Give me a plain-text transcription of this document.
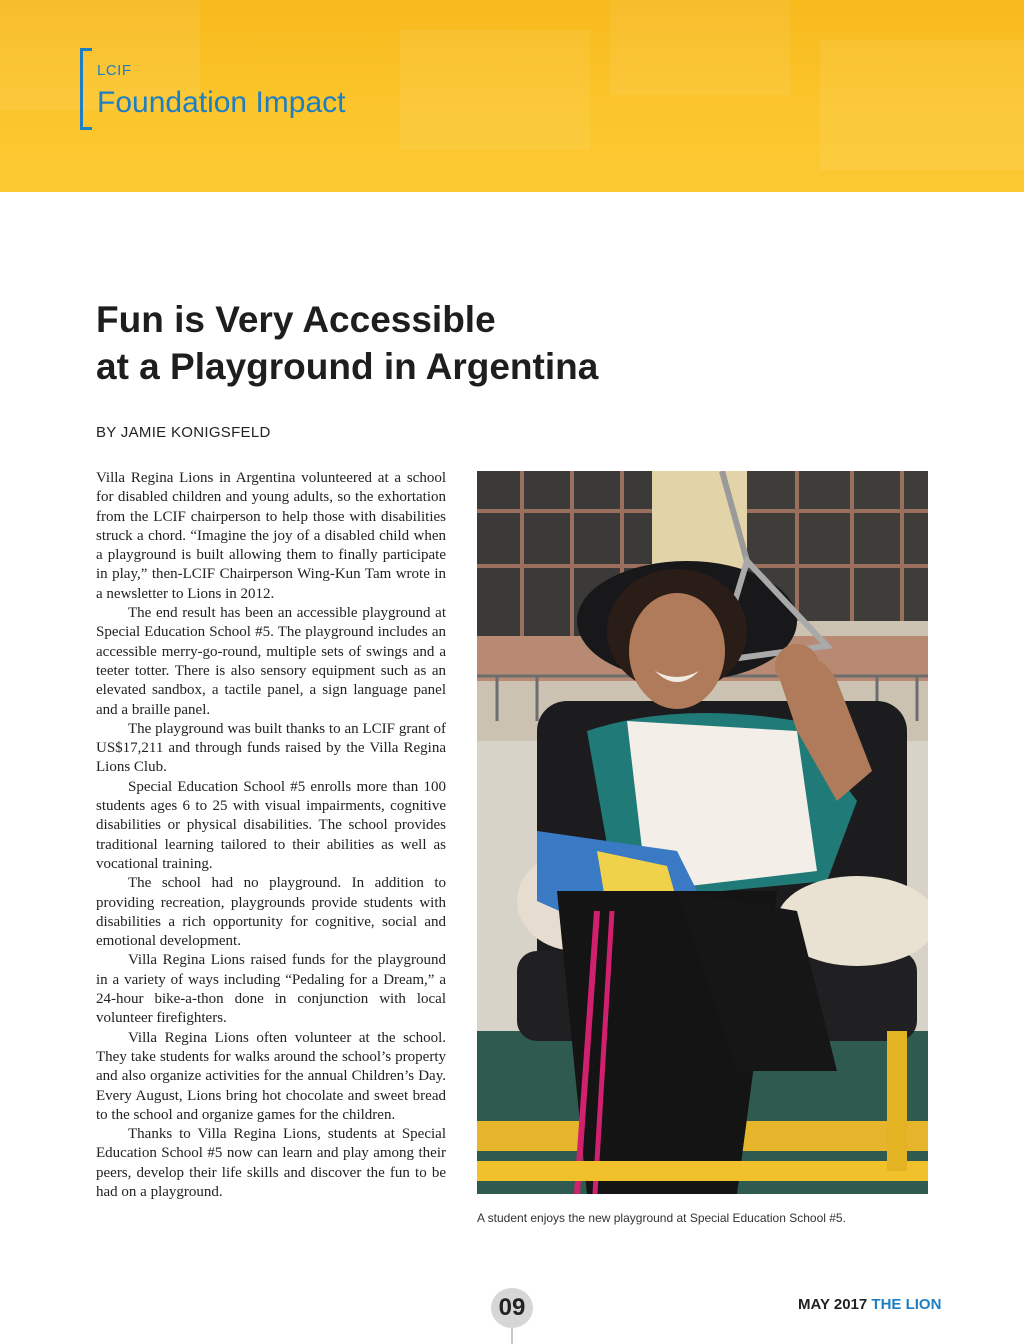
LCIF
Foundation Impact
Fun is Very Accessible
at a Playground in Argentina
BY JAMIE KONIGSFELD

Villa Regina Lions in Argentina volunteered at a school for disabled children and young adults, so the exhortation from the LCIF chairperson to help those with disabilities struck a chord. “Imagine the joy of a disabled child when a playground is built allowing them to finally participate in play,” then-LCIF Chairperson Wing-Kun Tam wrote in a newsletter to Lions in 2012.

The end result has been an accessible playground at Special Education School #5. The playground includes an accessible merry-go-round, multiple sets of swings and a teeter totter. There is also sensory equipment such as an elevated sandbox, a tactile panel, a sign language panel and a braille panel.

The playground was built thanks to an LCIF grant of US$17,211 and through funds raised by the Villa Regina Lions Club.

Special Education School #5 enrolls more than 100 students ages 6 to 25 with visual impairments, cognitive disabilities or physical disabilities. The school provides traditional learning tailored to their abilities as well as vocational training.

The school had no playground. In addition to providing recreation, playgrounds provide students with disabilities a rich opportunity for cognitive, social and emotional development.

Villa Regina Lions raised funds for the playground in a variety of ways including “Pedaling for a Dream,” a 24-hour bike-a-thon done in conjunction with local volunteer firefighters.

Villa Regina Lions often volunteer at the school. They take students for walks around the school’s property and also organize activities for the annual Children’s Day. Every August, Lions bring hot chocolate and sweet bread to the school and organize games for the children.

Thanks to Villa Regina Lions, students at Special Education School #5 now can learn and play among their peers, develop their life skills and discover the fun to be had on a playground.

A student enjoys the new playground at Special Education School #5.
09	MAY 2017 THE LION
